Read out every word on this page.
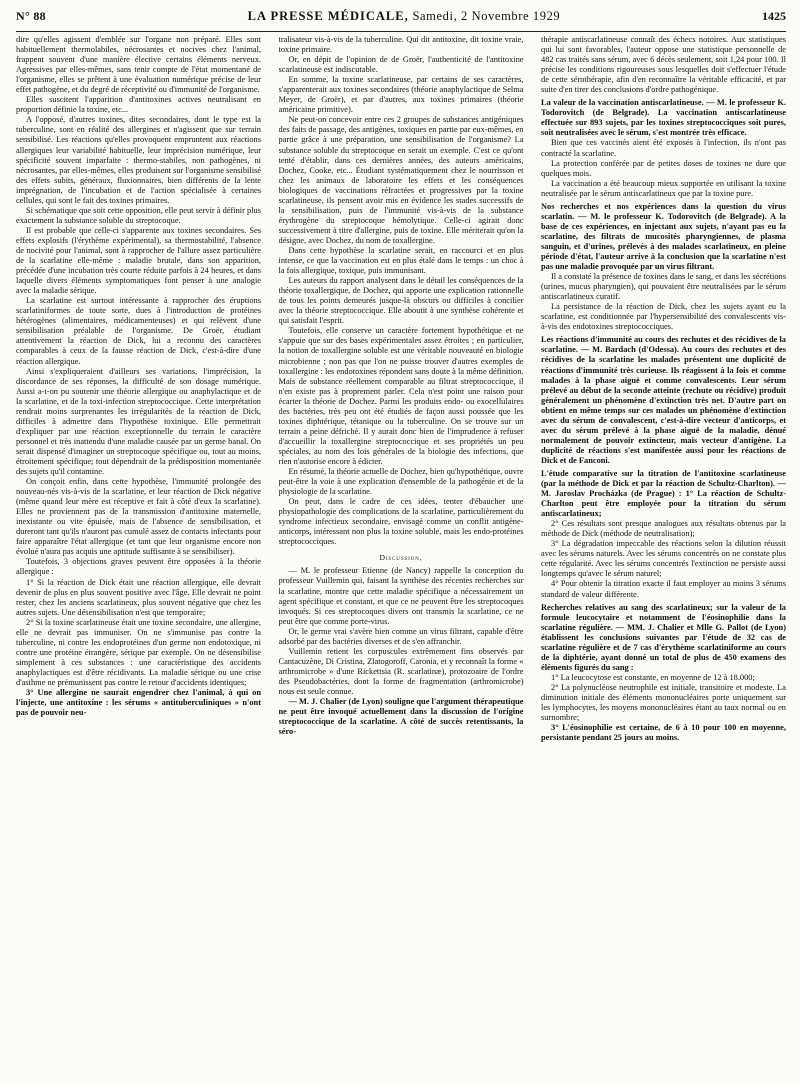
N° 88	LA PRESSE MÉDICALE, Samedi, 2 Novembre 1929	1425

dire qu'elles agissent d'emblée sur l'organe non préparé. Elles sont habituellement thermolabiles, nécrosantes et nocives chez l'animal, frappent souvent d'une manière élective certains éléments nerveux. Agressives par elles-mêmes, sans tenir compte de l'état momentané de l'organisme, elles se prêtent à une évaluation numérique précise de leur effet pathogène, et du degré de réceptivité ou d'immunité de l'organisme.

Elles suscitent l'apparition d'antitoxines actives neutralisant en proportion définie la toxine, etc...

A l'opposé, d'autres toxines, dites secondaires, dont le type est la tuberculine, sont en réalité des allergines et n'agissent que sur terrain sensibilisé. Les réactions qu'elles provoquent empruntent aux réactions allergiques leur variabilité habituelle, leur imprécision numérique, leur spécificité souvent imparfaite : thermo-stabiles, non pathogènes, ni nécrosantes, par elles-mêmes, elles produisent sur l'organisme sensibilisé des effets subits, généraux, fluxionnaires, bien différents de la lente imprégnation, de l'incubation et de l'action spécialisée à certaines cellules, qui sont le fait des toxines primaires.

Si schématique que soit cette opposition, elle peut servir à définir plus exactement la substance soluble du streptocoque.

Il est probable que celle-ci s'apparente aux toxines secondaires. Ses effets explosifs (l'érythème expérimental), sa thermostabilité, l'absence de nocivité pour l'animal, sont à rapprocher de l'allure assez particulière de la scarlatine elle-même : maladie brutale, dans son apparition, précédée d'une incubation très courte réduite parfois à 24 heures, et dans laquelle divers éléments symptomatiques font penser à une analogie avec la maladie sérique.

La scarlatine est surtout intéressante à rapprocher des éruptions scarlatiniformes de toute sorte, dues à l'introduction de protéines hétérogènes (alimentaires, médicamenteuses) et qui relèvent d'une sensibilisation préalable de l'organisme. De Groër, étudiant attentivement la réaction de Dick, lui a reconnu des caractères comparables à ceux de la fausse réaction de Dick, c'est-à-dire d'une réaction allergique.

Ainsi s'expliqueraient d'ailleurs ses variations, l'imprécision, la discordance de ses réponses, la difficulté de son dosage numérique. Aussi a-t-on pu soutenir une théorie allergique ou anaphylactique et de la scarlatine, et de la toxi-infection streptococcique. Cette interprétation rendrait moins surprenantes les irrégularités de la réaction de Dick, difficiles à admettre dans l'hypothèse toxinique. Elle permettrait d'expliquer par une réaction exceptionnelle du terrain le caractère personnel et très inattendu d'une maladie causée par un germe banal. On serait dispensé d'imaginer un streptocoque spécifique ou, tout au moins, étroitement spécifique; tout dépendrait de la prédisposition momentanée des sujets qu'il contamine.

On conçoit enfin, dans cette hypothèse, l'immunité prolongée des nouveau-nés vis-à-vis de la scarlatine, et leur réaction de Dick négative (même quand leur mère est réceptive et fait à côté d'eux la scarlatine). Elles ne proviennent pas de la transmission d'antitoxine maternelle, inexistante ou vite épuisée, mais de l'absence de sensibilisation, et dureront tant qu'ils n'auront pas cumulé assez de contacts infectants pour faire apparaître l'état allergique (et tant que leur organisme encore non évolué n'aura pas acquis une aptitude suffisante à se sensibiliser).

Toutefois, 3 objections graves peuvent être opposées à la théorie allergique :

1° Si la réaction de Dick était une réaction allergique, elle devrait devenir de plus en plus souvent positive avec l'âge. Elle devrait ne point rester, chez les anciens scarlatineux, plus souvent négative que chez les autres sujets. Une désensibilisation n'est que temporaire;

2° Si la toxine scarlatineuse était une toxine secondaire, une allergine, elle ne devrait pas immuniser. On ne s'immunise pas contre la tuberculine, ni contre les endoprotéines d'un germe non endotoxique, ni contre une protéine étrangère, sérique par exemple. On ne désensibilise simplement à ces substances : une caractéristique des accidents anaphylactiques est d'être récidivants. La maladie sérique ou une crise d'asthme ne prémunissent pas contre le retour d'accidents identiques;

3° Une allergine ne saurait engendrer chez l'animal, à qui on l'injecte, une antitoxine : les sérums « antituberculiniques » n'ont pas de pouvoir neu-

tralisateur vis-à-vis de la tuberculine. Qui dit antitoxine, dit toxine vraie, toxine primaire.

Or, en dépit de l'opinion de de Groër, l'authenticité de l'antitoxine scarlatineuse est indiscutable.

En somme, la toxine scarlatineuse, par certains de ses caractères, s'apparenterait aux toxines secondaires (théorie anaphylactique de Selma Meyer, de Groër), et par d'autres, aux toxines primaires (théorie américaine primitive).

Ne peut-on concevoir entre ces 2 groupes de substances antigéniques des faits de passage, des antigènes, toxiques en partie par eux-mêmes, en partie grâce à une préparation, une sensibilisation de l'organisme? La substance soluble du streptocoque en serait un exemple. C'est ce qu'ont tenté d'établir, dans ces dernières années, des auteurs américains, Dochez, Cooke, etc... Étudiant systématiquement chez le nourrisson et chez les animaux de laboratoire les effets et les conséquences biologiques de vaccinations réfractées et progressives par la toxine scarlatineuse, ils pensent avoir mis en évidence les stades successifs de la sensibilisation, puis de l'immunité vis-à-vis de la substance érythrogène du streptocoque hémolytique. Celle-ci agirait donc successivement à titre d'allergine, puis de toxine. Elle mériterait qu'on la désigne, avec Dochez, du nom de toxallergine.

Dans cette hypothèse la scarlatine serait, en raccourci et en plus intense, ce que la vaccination est en plus étalé dans le temps : un choc à la fois allergique, toxique, puis immunisant.

Les auteurs du rapport analysent dans le détail les conséquences de la théorie toxallergique, de Dochez, qui apporte une explication rationnelle de tous les points demeurés jusque-là obscurs ou difficiles à concilier avec la théorie streptococcique. Elle aboutit à une synthèse cohérente et qui satisfait l'esprit.

Toutefois, elle conserve un caractère fortement hypothétique et ne s'appuie que sur des bases expérimentales assez étroites ; en particulier, la notion de toxallergine soluble est une véritable nouveauté en biologie microbienne ; non pas que l'on ne puisse trouver d'autres exemples de toxallergine : les endotoxines répondent sans doute à la même définition. Mais de substance réellement comparable au filtrat streptococcique, il n'en existe pas à proprement parler. Cela n'est point une raison pour écarter la théorie de Dochez. Parmi les produits endo- ou exocellulaires des bactéries, très peu ont été étudiés de façon aussi poussée que les toxines diphtérique, tétanique ou la tuberculine. On se trouve sur un terrain a peine défriché. Il y aurait donc bien de l'imprudence à refuser d'accueillir la toxallergine streptococcique et ses propriétés un peu spéciales, au nom des lois générales de la biologie des infections, que rien n'autorise encore à édicter.

En résumé, la théorie actuelle de Dochez, bien qu'hypothétique, ouvre peut-être la voie à une explication d'ensemble de la pathogénie et de la physiologie de la scarlatine.

On peut, dans le cadre de ces idées, tenter d'ébaucher une physiopathologie des complications de la scarlatine, particulièrement du syndrome infectieux secondaire, envisagé comme un conflit antigène-anticorps, intéressant non plus la toxine soluble, mais les endo-protéines streptococciques.

Discussion,

— M. le professeur Etienne (de Nancy) rappelle la conception du professeur Vuillemin qui, faisant la synthèse des récentes recherches sur la scarlatine, montre que cette maladie spécifique a nécessairement un agent spécifique et constant, et que ce ne peuvent être les streptocoques invoqués. Si ces streptocoques divers ont transmis la scarlatine, ce ne peut être que comme porte-virus.

Or, le germe vrai s'avère bien comme un virus filtrant, capable d'être adsorbé par des bactéries diverses et de s'en affranchir.

Vuillemin retient les corpuscules extrêmement fins observés par Cantacuzène, Di Cristina, Zlatogoroff, Caronia, et y reconnaît la forme « arthromicrobe » d'une Rickettsia (R. scarlatinæ), protozoaire de l'ordre des Pseudobactéries, dont la forme de fragmentation (arthromicrobe) nous est seule connue.

— M. J. Chalier (de Lyon) souligne que l'argument thérapeutique ne peut être invoqué actuellement dans la discussion de l'origine streptococcique de la scarlatine. A côté de succès retentissants, la séro-

thérapie antiscarlatineuse connaît des échecs notoires. Aux statistiques qui lui sont favorables, l'auteur oppose une statistique personnelle de 482 cas traités sans sérum, avec 6 décès seulement, soit 1,24 pour 100. Il précise les conditions rigoureuses sous lesquelles doit s'effectuer l'étude de cette sérothérapie, afin d'en reconnaître la véritable efficacité, et par suite d'en tirer des conclusions d'ordre pathogénique.

La valeur de la vaccination antiscarlatineuse. — M. le professeur K. Todorovitch (de Belgrade). La vaccination antiscarlatineuse effectuée sur 893 sujets, par les toxines streptococciques soit pures, soit neutralisées avec le sérum, s'est montrée très efficace.

Bien que ces vaccinés aient été exposés à l'infection, ils n'ont pas contracté la scarlatine.

La protection conférée par de petites doses de toxines ne dure que quelques mois.

La vaccination a été beaucoup mieux supportée en utilisant la toxine neutralisée par le sérum antiscarlatineux que par la toxine pure.

Nos recherches et nos expériences dans la question du virus scarlatin. — M. le professeur K. Todorovitch (de Belgrade). A la base de ces expériences, en injectant aux sujets, n'ayant pas eu la scarlatine, des filtrats de mucosités pharyngiennes, de plasma sanguin, et d'urines, prélevés à des malades scarlatineux, en pleine période d'état, l'auteur arrive à la conclusion que la scarlatine n'est pas une maladie provoquée par un virus filtrant.

Il a constaté la présence de toxines dans le sang, et dans les sécrétions (urines, mucus pharyngien), qui pouvaient être neutralisées par le sérum antiscarlatineux curatif.

La persistance de la réaction de Dick, chez les sujets ayant eu la scarlatine, est conditionnée par l'hypersensibilité des convalescents vis-à-vis des endotoxines streptococciques.

Les réactions d'immunité au cours des rechutes et des récidives de la scarlatine. — M. Bardach (d'Odessa). Au cours des rechutes et des récidives de la scarlatine les malades présentent une duplicité de réactions d'immunité très curieuse. Ils réagissent à la fois et comme malades à la phase aiguë et comme convalescents. Leur sérum prélevé au début de la seconde atteinte (rechute ou récidive) produit généralement un phénomène d'extinction très net. D'autre part on obtient en même temps sur ces malades un phénomène d'extinction avec du sérum de convalescent, c'est-à-dire vecteur d'anticorps, et avec du sérum prélevé à la phase aiguë de la maladie, dénué normalement de pouvoir extincteur, mais vecteur d'antigène. La duplicité de réactions s'est manifestée aussi pour les réactions de Dick et de Fanconi.

L'étude comparative sur la titration de l'antitoxine scarlatineuse (par la méthode de Dick et par la réaction de Schultz-Charlton). — M. Jaroslav Procházka (de Prague) : 1° La réaction de Schultz-Charlton peut être employée pour la titration du sérum antiscarlatineux;

2° Ces résultats sont presque analogues aux résultats obtenus par la méthode de Dick (méthode de neutralisation);

3° La dégradation impeccable des réactions selon la dilution réussit avec les sérums naturels. Avec les sérums concentrés on ne constate plus cette régularité. Avec les sérums concentrés l'extinction ne persiste aussi longtemps qu'avec le sérum naturel;

4° Pour obtenir la titration exacte il faut employer au moins 3 sérums standard de valeur différente.

Recherches relatives au sang des scarlatineux; sur la valeur de la formule leucocytaire et notamment de l'éosinophilie dans la scarlatine régulière. — MM. J. Chalier et Mlle G. Pallot (de Lyon) établissent les conclusions suivantes par l'étude de 32 cas de scarlatine régulière et de 7 cas d'érythème scarlatiniforme au cours de la diphtérie, ayant donné un total de plus de 450 examens des éléments figurés du sang :

1° La leucocytose est constante, en moyenne de 12 à 18.000;

2° La polynucléose neutrophile est initiale, transitoire et modeste. La diminution initiale des éléments mononucléaires porte uniquement sur les lymphocytes, les moyens mononucléaires étant au taux normal ou en surnombre;

3° L'éosinophilie est certaine, de 6 à 10 pour 100 en moyenne, persistante pendant 25 jours au moins.
